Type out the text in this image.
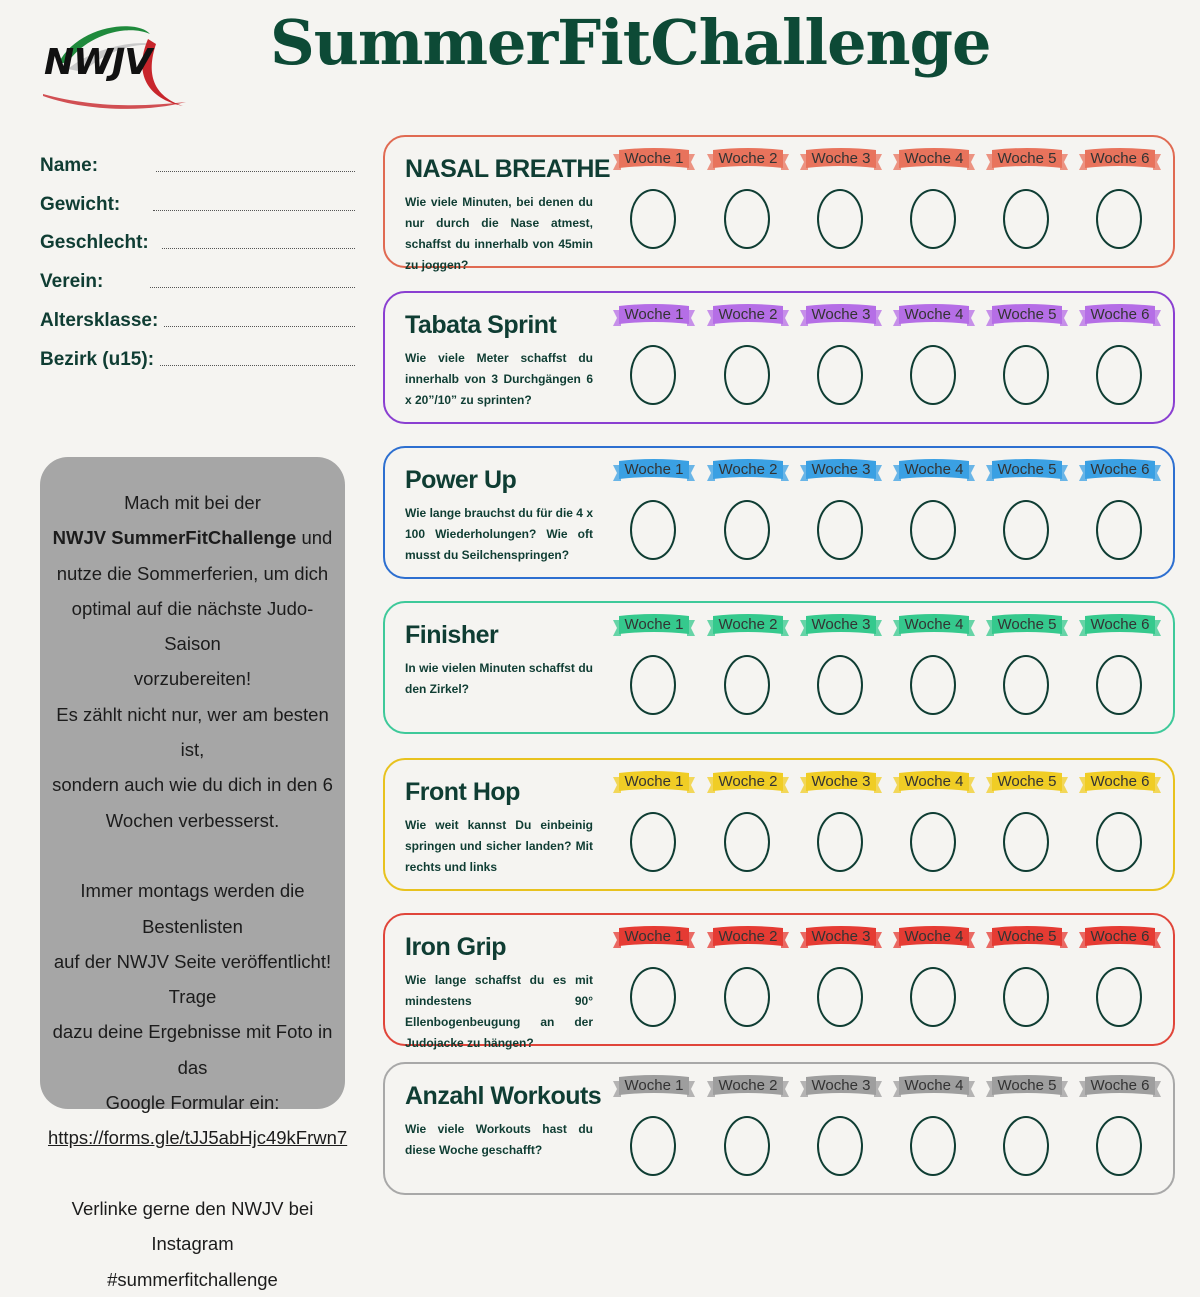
NWJV SummerFitChallenge
Name:
Gewicht:
Geschlecht:
Verein:
Altersklasse:
Bezirk (u15):
Mach mit bei der
NWJV SummerFitChallenge und
nutze die Sommerferien, um dich
optimal auf die nächste Judo-Saison
vorzubereiten!
Es zählt nicht nur, wer am besten ist,
sondern auch wie du dich in den 6
Wochen verbesserst.
Immer montags werden die Bestenlisten
auf der NWJV Seite veröffentlicht! Trage
dazu deine Ergebnisse mit Foto in das
Google Formular ein:
https://forms.gle/tJJ5abHjc49kFrwn7
Verlinke gerne den NWJV bei Instagram
#summerfitchallenge
NASAL BREATHE
Wie viele Minuten, bei denen du nur durch die Nase atmest, schaffst du innerhalb von 45min zu joggen?
Woche 1	Woche 2	Woche 3	Woche 4	Woche 5	Woche 6
Tabata Sprint
Wie viele Meter schaffst du innerhalb von 3 Durchgängen 6 x 20”/10” zu sprinten?
Woche 1	Woche 2	Woche 3	Woche 4	Woche 5	Woche 6
Power Up
Wie lange brauchst du für die 4 x 100 Wiederholungen? Wie oft musst du Seilchenspringen?
Woche 1	Woche 2	Woche 3	Woche 4	Woche 5	Woche 6
Finisher
In wie vielen Minuten schaffst du den Zirkel?
Woche 1	Woche 2	Woche 3	Woche 4	Woche 5	Woche 6
Front Hop
Wie weit kannst Du einbeinig springen und sicher landen? Mit rechts und links
Woche 1	Woche 2	Woche 3	Woche 4	Woche 5	Woche 6
Iron Grip
Wie lange schaffst du es mit mindestens 90° Ellenbogenbeugung an der Judojacke zu hängen?
Woche 1	Woche 2	Woche 3	Woche 4	Woche 5	Woche 6
Anzahl Workouts
Wie viele Workouts hast du diese Woche geschafft?
Woche 1	Woche 2	Woche 3	Woche 4	Woche 5	Woche 6
